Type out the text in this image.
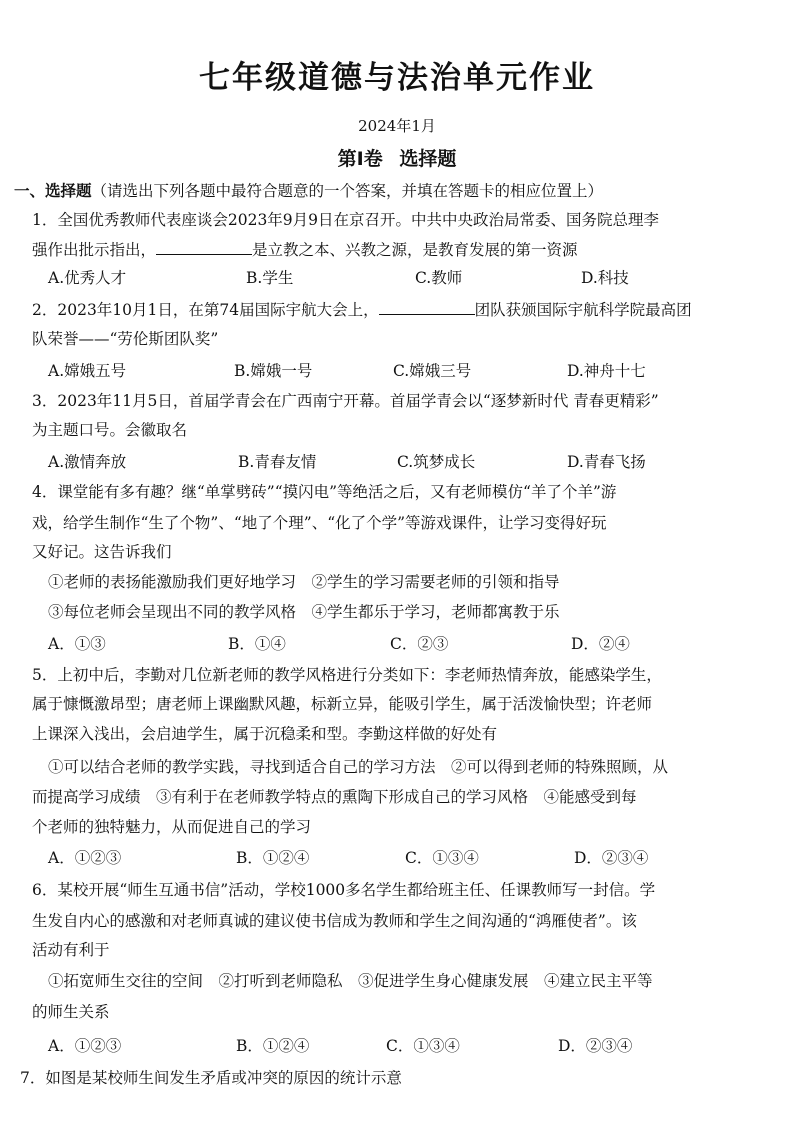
七年级道德与法治单元作业
2024年1月
第Ⅰ卷 选择题
一、选择题（请选出下列各题中最符合题意的一个答案，并填在答题卡的相应位置上）
1．全国优秀教师代表座谈会2023年9月9日在京召开。中共中央政治局常委、国务院总理李
强作出批示指出，	是立教之本、兴教之源，是教育发展的第一资源
A.优秀人才	B.学生	C.教师	D.科技
2．2023年10月1日，在第74届国际宇航大会上，	团队获颁国际宇航科学院最高团
队荣誉——“劳伦斯团队奖”
A.嫦娥五号	B.嫦娥一号	C.嫦娥三号	D.神舟十七
3．2023年11月5日，首届学青会在广西南宁开幕。首届学青会以“逐梦新时代 青春更精彩”
为主题口号。会徽取名
A.激情奔放	B.青春友情	C.筑梦成长	D.青春飞扬
4．课堂能有多有趣？继“单掌劈砖”“摸闪电”等绝活之后，又有老师模仿“羊了个羊”游
戏，给学生制作“生了个物”、“地了个理”、“化了个学”等游戏课件，让学习变得好玩
又好记。这告诉我们
①老师的表扬能激励我们更好地学习　②学生的学习需要老师的引领和指导
③每位老师会呈现出不同的教学风格　④学生都乐于学习，老师都寓教于乐
A．①③	B．①④	C．②③	D．②④
5．上初中后，李勤对几位新老师的教学风格进行分类如下：李老师热情奔放，能感染学生，
属于慷慨激昂型；唐老师上课幽默风趣，标新立异，能吸引学生，属于活泼愉快型；许老师
上课深入浅出，会启迪学生，属于沉稳柔和型。李勤这样做的好处有
①可以结合老师的教学实践，寻找到适合自己的学习方法　②可以得到老师的特殊照顾，从
而提高学习成绩　③有利于在老师教学特点的熏陶下形成自己的学习风格　④能感受到每
个老师的独特魅力，从而促进自己的学习
A．①②③	B．①②④	C．①③④	D．②③④
6．某校开展“师生互通书信”活动，学校1000多名学生都给班主任、任课教师写一封信。学
生发自内心的感激和对老师真诚的建议使书信成为教师和学生之间沟通的“鸿雁使者”。该
活动有利于
①拓宽师生交往的空间　②打听到老师隐私　③促进学生身心健康发展　④建立民主平等
的师生关系
A．①②③	B．①②④	C．①③④	D．②③④
7．如图是某校师生间发生矛盾或冲突的原因的统计示意
